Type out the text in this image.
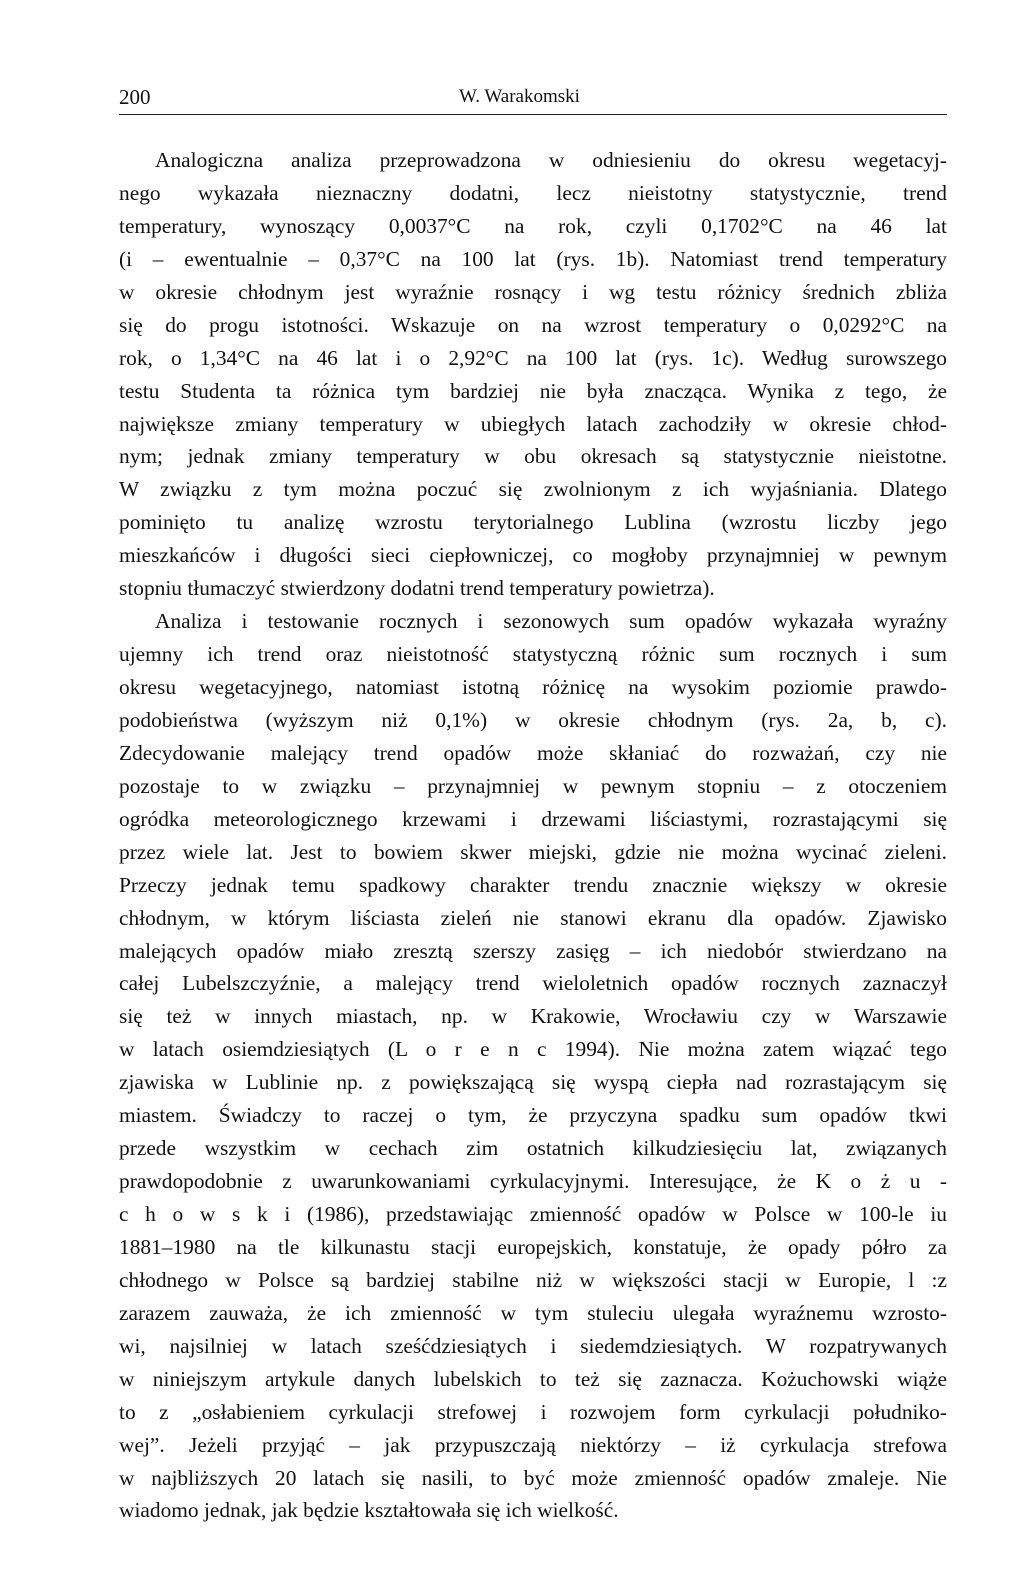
200	W. Warakomski
Analogiczna analiza przeprowadzona w odniesieniu do okresu wegetacyj-
nego wykazała nieznaczny dodatni, lecz nieistotny statystycznie, trend
temperatury, wynoszący 0,0037°C na rok, czyli 0,1702°C na 46 lat
(i – ewentualnie – 0,37°C na 100 lat (rys. 1b). Natomiast trend temperatury
w okresie chłodnym jest wyraźnie rosnący i wg testu różnicy średnich zbliża
się do progu istotności. Wskazuje on na wzrost temperatury o 0,0292°C na
rok, o 1,34°C na 46 lat i o 2,92°C na 100 lat (rys. 1c). Według surowszego
testu Studenta ta różnica tym bardziej nie była znacząca. Wynika z tego, że
największe zmiany temperatury w ubiegłych latach zachodziły w okresie chłod-
nym; jednak zmiany temperatury w obu okresach są statystycznie nieistotne.
W związku z tym można poczuć się zwolnionym z ich wyjaśniania. Dlatego
pominięto tu analizę wzrostu terytorialnego Lublina (wzrostu liczby jego
mieszkańców i długości sieci ciepłowniczej, co mogłoby przynajmniej w pewnym
stopniu tłumaczyć stwierdzony dodatni trend temperatury powietrza).
Analiza i testowanie rocznych i sezonowych sum opadów wykazała wyraźny
ujemny ich trend oraz nieistotność statystyczną różnic sum rocznych i sum
okresu wegetacyjnego, natomiast istotną różnicę na wysokim poziomie prawdo-
podobieństwa (wyższym niż 0,1%) w okresie chłodnym (rys. 2a, b, c).
Zdecydowanie malejący trend opadów może skłaniać do rozważań, czy nie
pozostaje to w związku – przynajmniej w pewnym stopniu – z otoczeniem
ogródka meteorologicznego krzewami i drzewami liściastymi, rozrastającymi się
przez wiele lat. Jest to bowiem skwer miejski, gdzie nie można wycinać zieleni.
Przeczy jednak temu spadkowy charakter trendu znacznie większy w okresie
chłodnym, w którym liściasta zieleń nie stanowi ekranu dla opadów. Zjawisko
malejących opadów miało zresztą szerszy zasięg – ich niedobór stwierdzano na
całej Lubelszczyźnie, a malejący trend wieloletnich opadów rocznych zaznaczył
się też w innych miastach, np. w Krakowie, Wrocławiu czy w Warszawie
w latach osiemdziesiątych (L o r e n c 1994). Nie można zatem wiązać tego
zjawiska w Lublinie np. z powiększającą się wyspą ciepła nad rozrastającym się
miastem. Świadczy to raczej o tym, że przyczyna spadku sum opadów tkwi
przede wszystkim w cechach zim ostatnich kilkudziesięciu lat, związanych
prawdopodobnie z uwarunkowaniami cyrkulacyjnymi. Interesujące, że K o ż u -
c h o w s k i (1986), przedstawiając zmienność opadów w Polsce w 100-le iu
1881–1980 na tle kilkunastu stacji europejskich, konstatuje, że opady półro za
chłodnego w Polsce są bardziej stabilne niż w większości stacji w Europie, l :z
zarazem zauważa, że ich zmienność w tym stuleciu ulegała wyraźnemu wzrosto-
wi, najsilniej w latach sześćdziesiątych i siedemdziesiątych. W rozpatrywanych
w niniejszym artykule danych lubelskich to też się zaznacza. Kożuchowski wiąże
to z „osłabieniem cyrkulacji strefowej i rozwojem form cyrkulacji południko-
wej”. Jeżeli przyjąć – jak przypuszczają niektórzy – iż cyrkulacja strefowa
w najbliższych 20 latach się nasili, to być może zmienność opadów zmaleje. Nie
wiadomo jednak, jak będzie kształtowała się ich wielkość.
